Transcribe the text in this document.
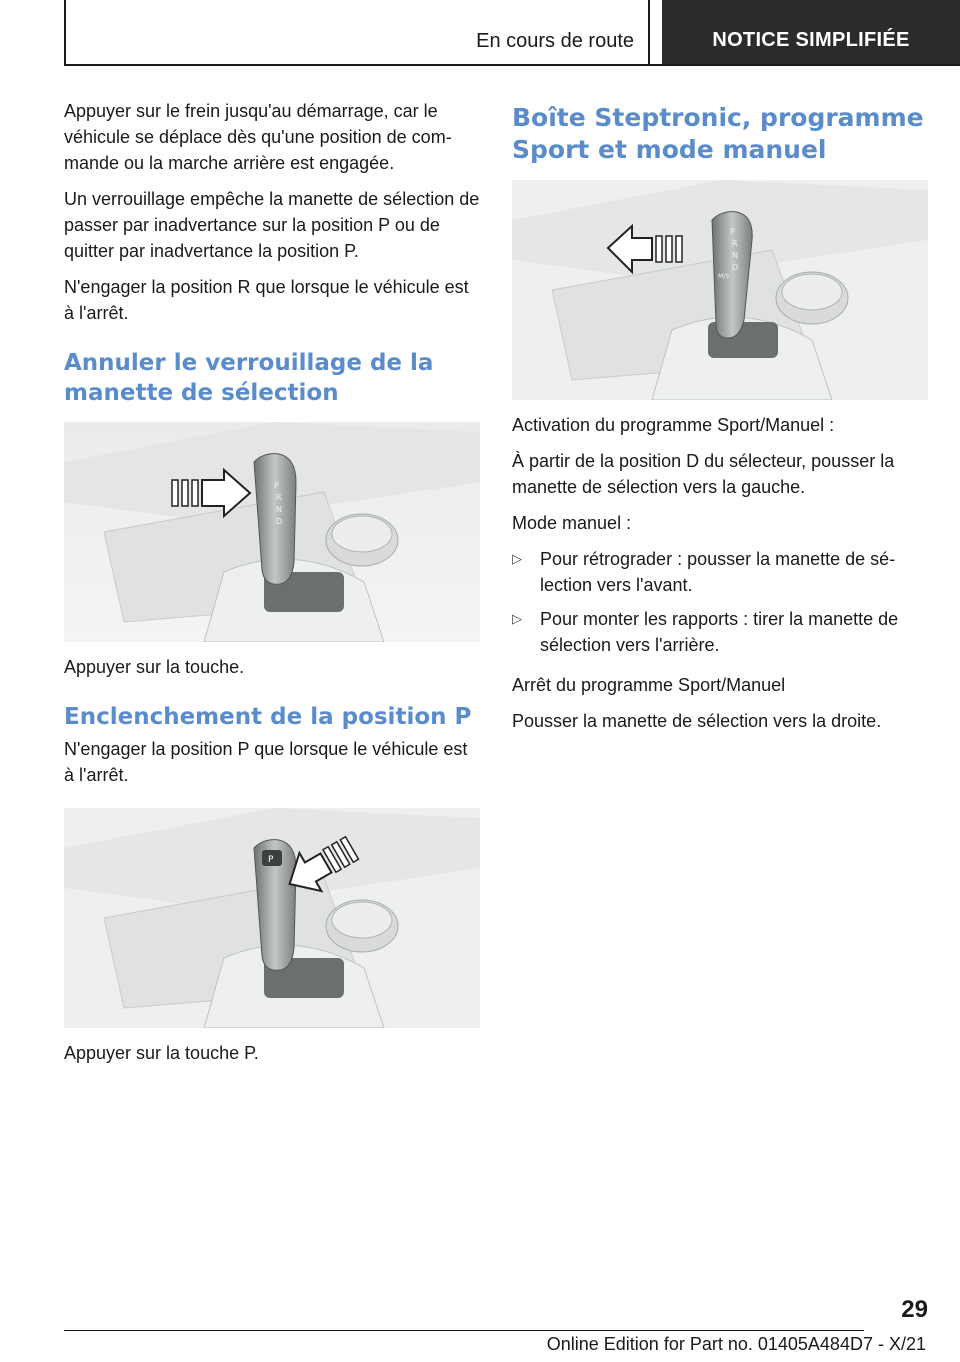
En cours de route	NOTICE SIMPLIFIÉE

Appuyer sur le frein jusqu'au démarrage, car le véhicule se déplace dès qu'une position de commande ou la marche arrière est engagée.

Un verrouillage empêche la manette de sélection de passer par inadvertance sur la position P ou de quitter par inadvertance la position P.

N'engager la position R que lorsque le véhicule est à l'arrêt.

Annuler le verrouillage de la manette de sélection
P
R
N
D

Appuyer sur la touche.

Enclenchement de la position P

N'engager la position P que lorsque le véhicule est à l'arrêt.

P

Appuyer sur la touche P.

Boîte Steptronic, programme Sport et mode manuel
P
R
N
D
M/S

Activation du programme Sport/Manuel :

À partir de la position D du sélecteur, pousser la manette de sélection vers la gauche.

Mode manuel :

▷ Pour rétrograder : pousser la manette de sélection vers l'avant.
▷ Pour monter les rapports : tirer la manette de sélection vers l'arrière.

Arrêt du programme Sport/Manuel

Pousser la manette de sélection vers la droite.

29
Online Edition for Part no. 01405A484D7 - X/21
